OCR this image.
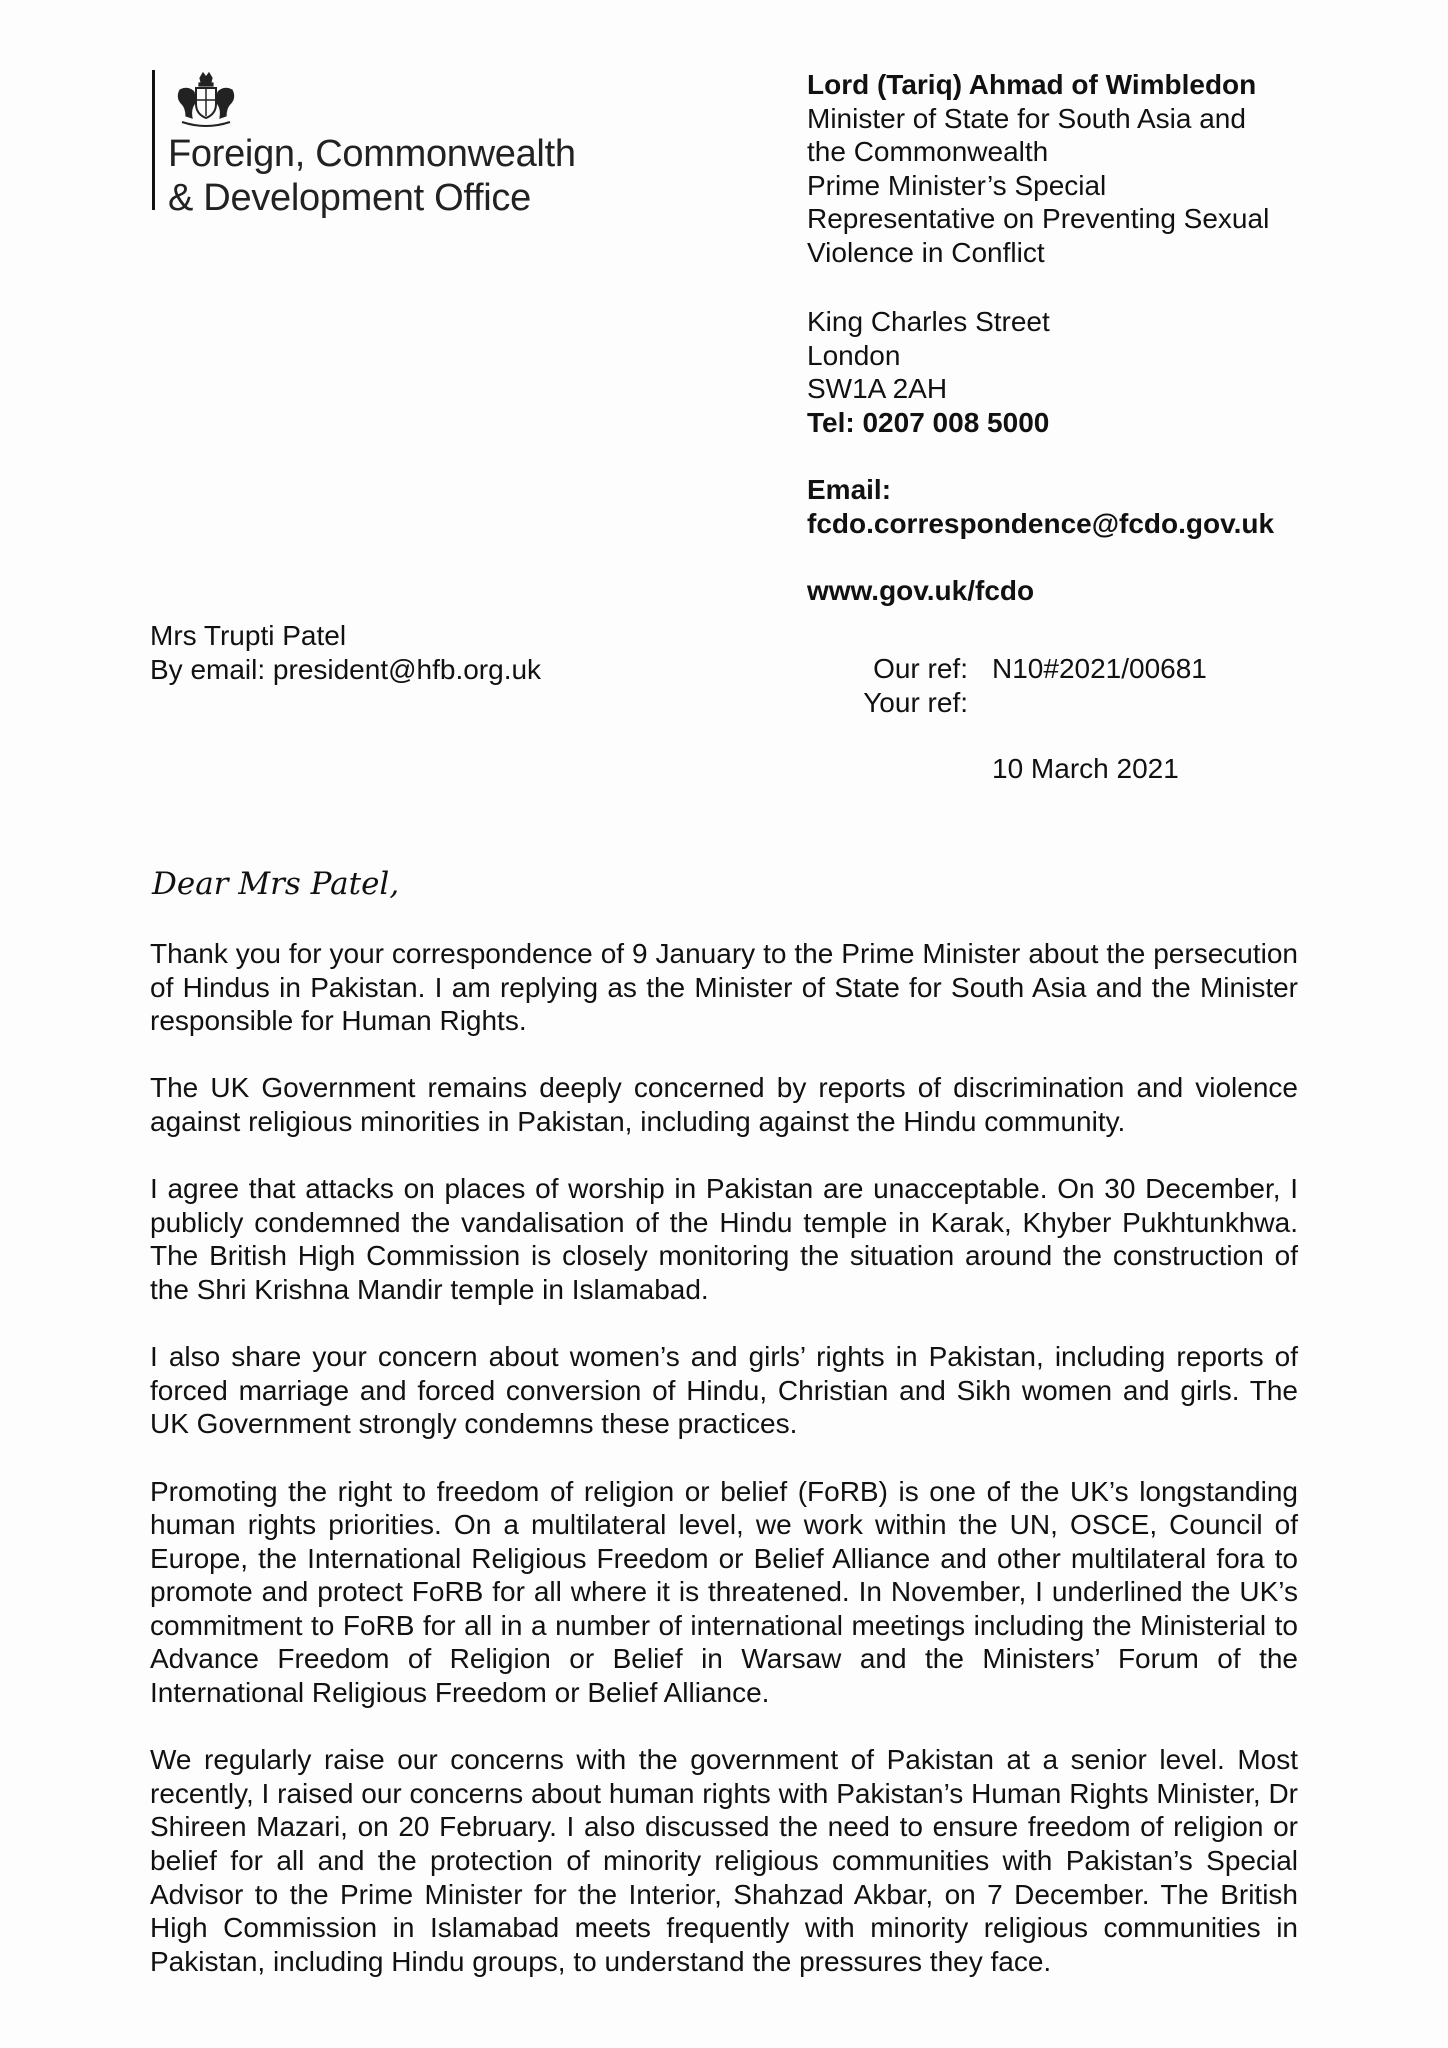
Foreign, Commonwealth
& Development Office
Lord (Tariq) Ahmad of Wimbledon
Minister of State for South Asia and
the Commonwealth
Prime Minister’s Special
Representative on Preventing Sexual
Violence in Conflict
King Charles Street
London
SW1A 2AH
Tel: 0207 008 5000
Email:
fcdo.correspondence@fcdo.gov.uk
www.gov.uk/fcdo
Mrs Trupti Patel
By email: president@hfb.org.uk	Our ref: N10#2021/00681
Your ref:
10 March 2021
Dear Mrs Patel,

Thank you for your correspondence of 9 January to the Prime Minister about the persecution of Hindus in Pakistan. I am replying as the Minister of State for South Asia and the Minister responsible for Human Rights.

The UK Government remains deeply concerned by reports of discrimination and violence against religious minorities in Pakistan, including against the Hindu community.

I agree that attacks on places of worship in Pakistan are unacceptable. On 30 December, I publicly condemned the vandalisation of the Hindu temple in Karak, Khyber Pukhtunkhwa. The British High Commission is closely monitoring the situation around the construction of the Shri Krishna Mandir temple in Islamabad.

I also share your concern about women’s and girls’ rights in Pakistan, including reports of forced marriage and forced conversion of Hindu, Christian and Sikh women and girls. The UK Government strongly condemns these practices.

Promoting the right to freedom of religion or belief (FoRB) is one of the UK’s longstanding human rights priorities. On a multilateral level, we work within the UN, OSCE, Council of Europe, the International Religious Freedom or Belief Alliance and other multilateral fora to promote and protect FoRB for all where it is threatened. In November, I underlined the UK’s commitment to FoRB for all in a number of international meetings including the Ministerial to Advance Freedom of Religion or Belief in Warsaw and the Ministers’ Forum of the International Religious Freedom or Belief Alliance.

We regularly raise our concerns with the government of Pakistan at a senior level. Most recently, I raised our concerns about human rights with Pakistan’s Human Rights Minister, Dr Shireen Mazari, on 20 February. I also discussed the need to ensure freedom of religion or belief for all and the protection of minority religious communities with Pakistan’s Special Advisor to the Prime Minister for the Interior, Shahzad Akbar, on 7 December. The British High Commission in Islamabad meets frequently with minority religious communities in Pakistan, including Hindu groups, to understand the pressures they face.
